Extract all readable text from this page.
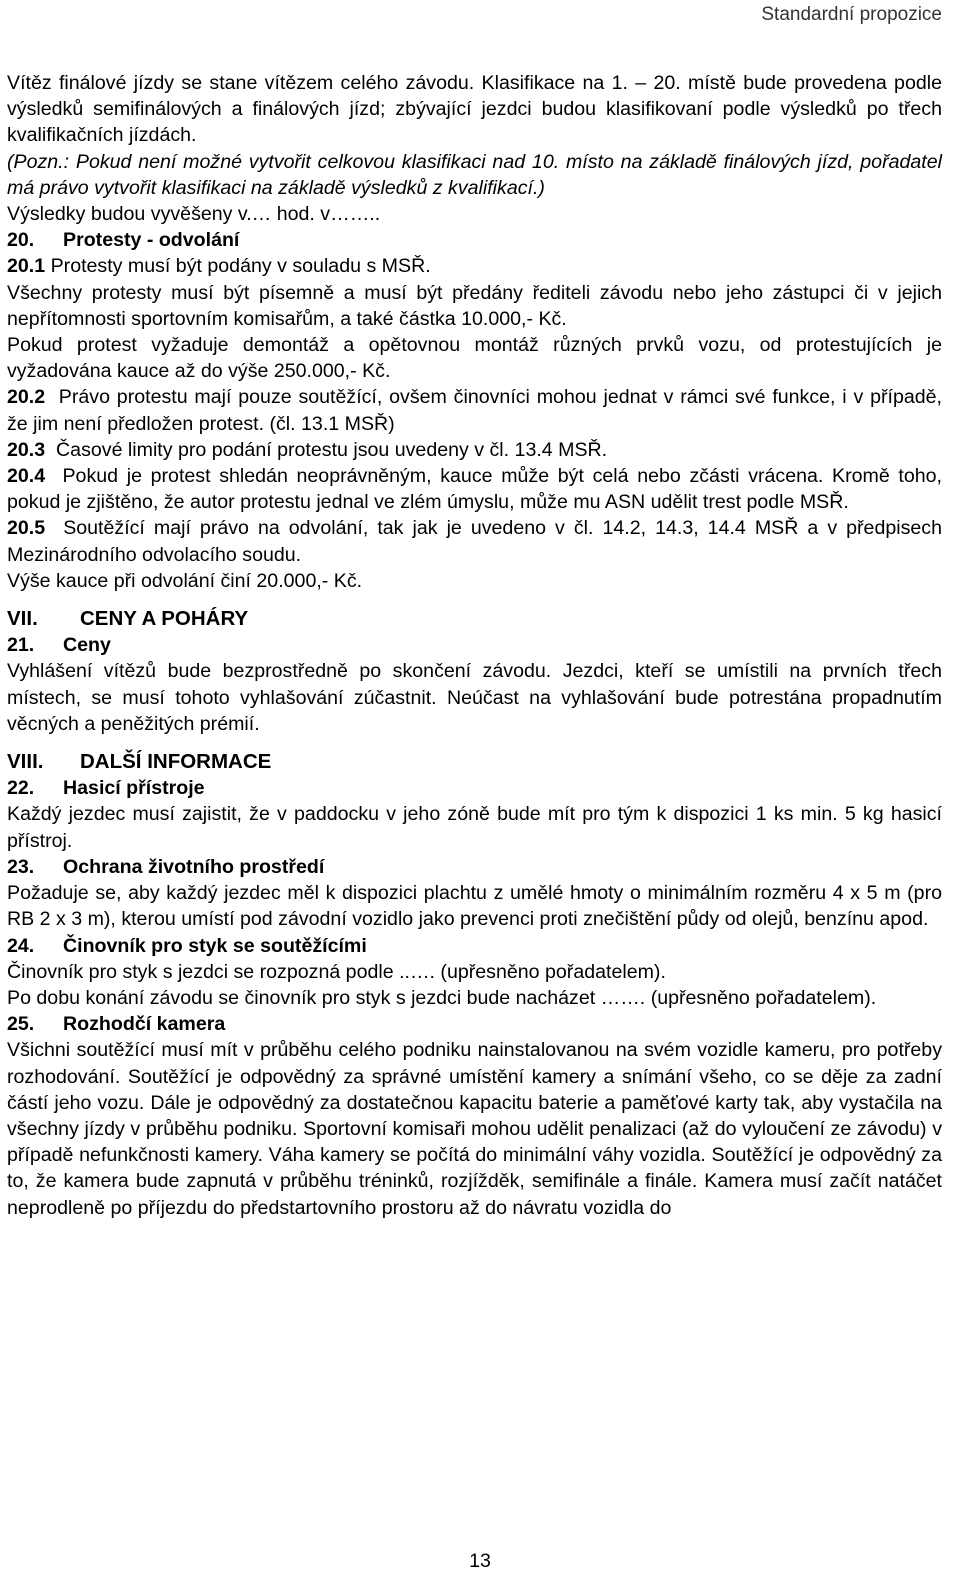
Standardní propozice

Vítěz finálové jízdy se stane vítězem celého závodu. Klasifikace na 1. – 20. místě bude provedena podle výsledků semifinálových a finálových jízd; zbývající jezdci budou klasifikovaní podle výsledků po třech kvalifikačních jízdách.

(Pozn.: Pokud není možné vytvořit celkovou klasifikaci nad 10. místo na základě finálových jízd, pořadatel má právo vytvořit klasifikaci na základě výsledků z kvalifikací.)

Výsledky budou vyvěšeny v.… hod. v……..

20. Protesty - odvolání

20.1 Protesty musí být podány v souladu s MSŘ.

Všechny protesty musí být písemně a musí být předány řediteli závodu nebo jeho zástupci či v jejich nepřítomnosti sportovním komisařům, a také částka 10.000,- Kč.

Pokud protest vyžaduje demontáž a opětovnou montáž různých prvků vozu, od protestujících je vyžadována kauce až do výše 250.000,- Kč.

20.2 Právo protestu mají pouze soutěžící, ovšem činovníci mohou jednat v rámci své funkce, i v případě, že jim není předložen protest. (čl. 13.1 MSŘ)

20.3 Časové limity pro podání protestu jsou uvedeny v čl. 13.4 MSŘ.

20.4 Pokud je protest shledán neoprávněným, kauce může být celá nebo zčásti vrácena. Kromě toho, pokud je zjištěno, že autor protestu jednal ve zlém úmyslu, může mu ASN udělit trest podle MSŘ.

20.5 Soutěžící mají právo na odvolání, tak jak je uvedeno v čl. 14.2, 14.3, 14.4 MSŘ a v předpisech Mezinárodního odvolacího soudu.

Výše kauce při odvolání činí 20.000,- Kč.

VII. CENY A POHÁRY
21. Ceny

Vyhlášení vítězů bude bezprostředně po skončení závodu. Jezdci, kteří se umístili na prvních třech místech, se musí tohoto vyhlašování zúčastnit. Neúčast na vyhlašování bude potrestána propadnutím věcných a peněžitých prémií.

VIII. DALŠÍ INFORMACE
22. Hasicí přístroje

Každý jezdec musí zajistit, že v paddocku v jeho zóně bude mít pro tým k dispozici 1 ks min. 5 kg hasicí přístroj.

23. Ochrana životního prostředí

Požaduje se, aby každý jezdec měl k dispozici plachtu z umělé hmoty o minimálním rozměru 4 x 5 m (pro RB 2 x 3 m), kterou umístí pod závodní vozidlo jako prevenci proti znečištění půdy od olejů, benzínu apod.

24. Činovník pro styk se soutěžícími

Činovník pro styk s jezdci se rozpozná podle ..…. (upřesněno pořadatelem).

Po dobu konání závodu se činovník pro styk s jezdci bude nacházet ……. (upřesněno pořadatelem).

25. Rozhodčí kamera

Všichni soutěžící musí mít v průběhu celého podniku nainstalovanou na svém vozidle kameru, pro potřeby rozhodování. Soutěžící je odpovědný za správné umístění kamery a snímání všeho, co se děje za zadní částí jeho vozu. Dále je odpovědný za dostatečnou kapacitu baterie a paměťové karty tak, aby vystačila na všechny jízdy v průběhu podniku. Sportovní komisaři mohou udělit penalizaci (až do vyloučení ze závodu) v případě nefunkčnosti kamery. Váha kamery se počítá do minimální váhy vozidla. Soutěžící je odpovědný za to, že kamera bude zapnutá v průběhu tréninků, rozjížděk, semifinále a finále. Kamera musí začít natáčet neprodleně po příjezdu do předstartovního prostoru až do návratu vozidla do

13
